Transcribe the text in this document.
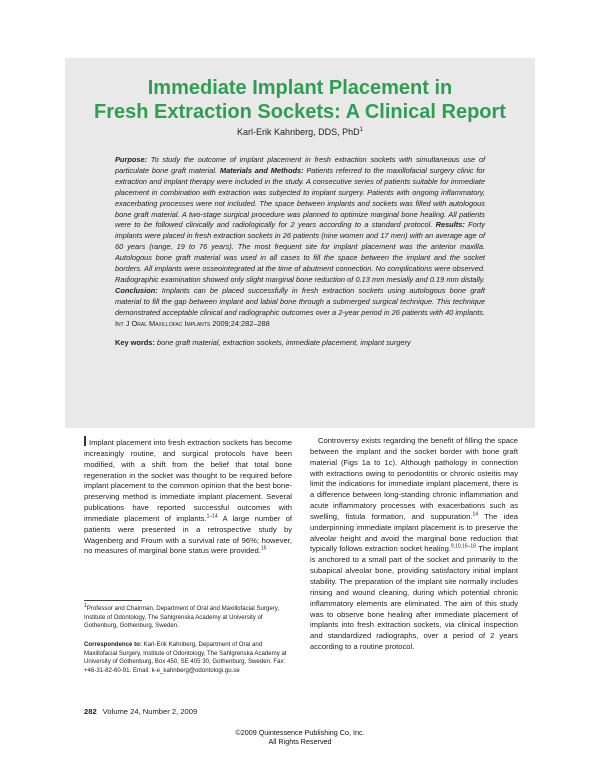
Immediate Implant Placement in
Fresh Extraction Sockets: A Clinical Report
Karl-Erik Kahnberg, DDS, PhD$^1$
Purpose: To study the outcome of implant placement in fresh extraction sockets with simultaneous use of particulate bone graft material. Materials and Methods: Patients referred to the maxillofacial surgery clinic for extraction and implant therapy were included in the study. A consecutive series of patients suitable for immediate placement in combination with extraction was subjected to implant surgery. Patients with ongoing inflammatory, exacerbating processes were not included. The space between implants and sockets was filled with autologous bone graft material. A two-stage surgical procedure was planned to optimize marginal bone healing. All patients were to be followed clinically and radiologically for 2 years according to a standard protocol. Results: Forty implants were placed in fresh extraction sockets in 26 patients (nine women and 17 men) with an average age of 60 years (range, 19 to 76 years). The most frequent site for implant placement was the anterior maxilla. Autologous bone graft material was used in all cases to fill the space between the implant and the socket borders. All implants were osseointegrated at the time of abutment connection. No complications were observed. Radiographic examination showed only slight marginal bone reduction of 0.13 mm mesially and 0.19 mm distally. Conclusion: Implants can be placed successfully in fresh extraction sockets using autologous bone graft material to fill the gap between implant and labial bone through a submerged surgical technique. This technique demonstrated acceptable clinical and radiographic outcomes over a 2-year period in 26 patients with 40 implants. Int J Oral Maxillofac Implants 2009;24:282–288
Key words: bone graft material, extraction sockets, immediate placement, implant surgery

Implant placement into fresh extraction sockets has become increasingly routine, and surgical protocols have been modified, with a shift from the belief that total bone regeneration in the socket was thought to be required before implant placement to the common opinion that the best bone-preserving method is immediate implant placement. Several publications have reported successful outcomes with immediate placement of implants.$^{1-14}$ A large number of patients were presented in a retrospective study by Wagenberg and Froum with a survival rate of 96%; however, no measures of marginal bone status were provided.$^{15}$

Controversy exists regarding the benefit of filling the space between the implant and the socket border with bone graft material (Figs 1a to 1c). Although pathology in connection with extractions owing to periodontitis or chronic osteitis may limit the indications for immediate implant placement, there is a difference between long-standing chronic inflammation and acute inflammatory processes with exacerbations such as swelling, fistula formation, and suppuration.$^{14}$ The idea underpinning immediate implant placement is to preserve the alveolar height and avoid the marginal bone reduction that typically follows extraction socket healing.$^{9,10,16-18}$ The implant is anchored to a small part of the socket and primarily to the subapical alveolar bone, providing satisfactory initial implant stability. The preparation of the implant site normally includes rinsing and wound cleaning, during which potential chronic inflammatory elements are eliminated. The aim of this study was to observe bone healing after immediate placement of implants into fresh extraction sockets, via clinical inspection and standardized radiographs, over a period of 2 years according to a routine protocol.

$^1$Professor and Chairman, Department of Oral and Maxillofacial Surgery, Institute of Odontology, The Sahlgrenska Academy at University of Gothenburg, Gothenburg, Sweden.
Correspondence to: Karl-Erik Kahnberg, Department of Oral and Maxillofacial Surgery, Institute of Odontology, The Sahlgrenska Academy at University of Gothenburg, Box 450, SE 405 30, Gothenburg, Sweden. Fax: +46-31-82-60-91. Email: k-e_kahnberg@odontologi.gu.se
282 Volume 24, Number 2, 2009
©2009 Quintessence Publishing Co, Inc.
All Rights Reserved
